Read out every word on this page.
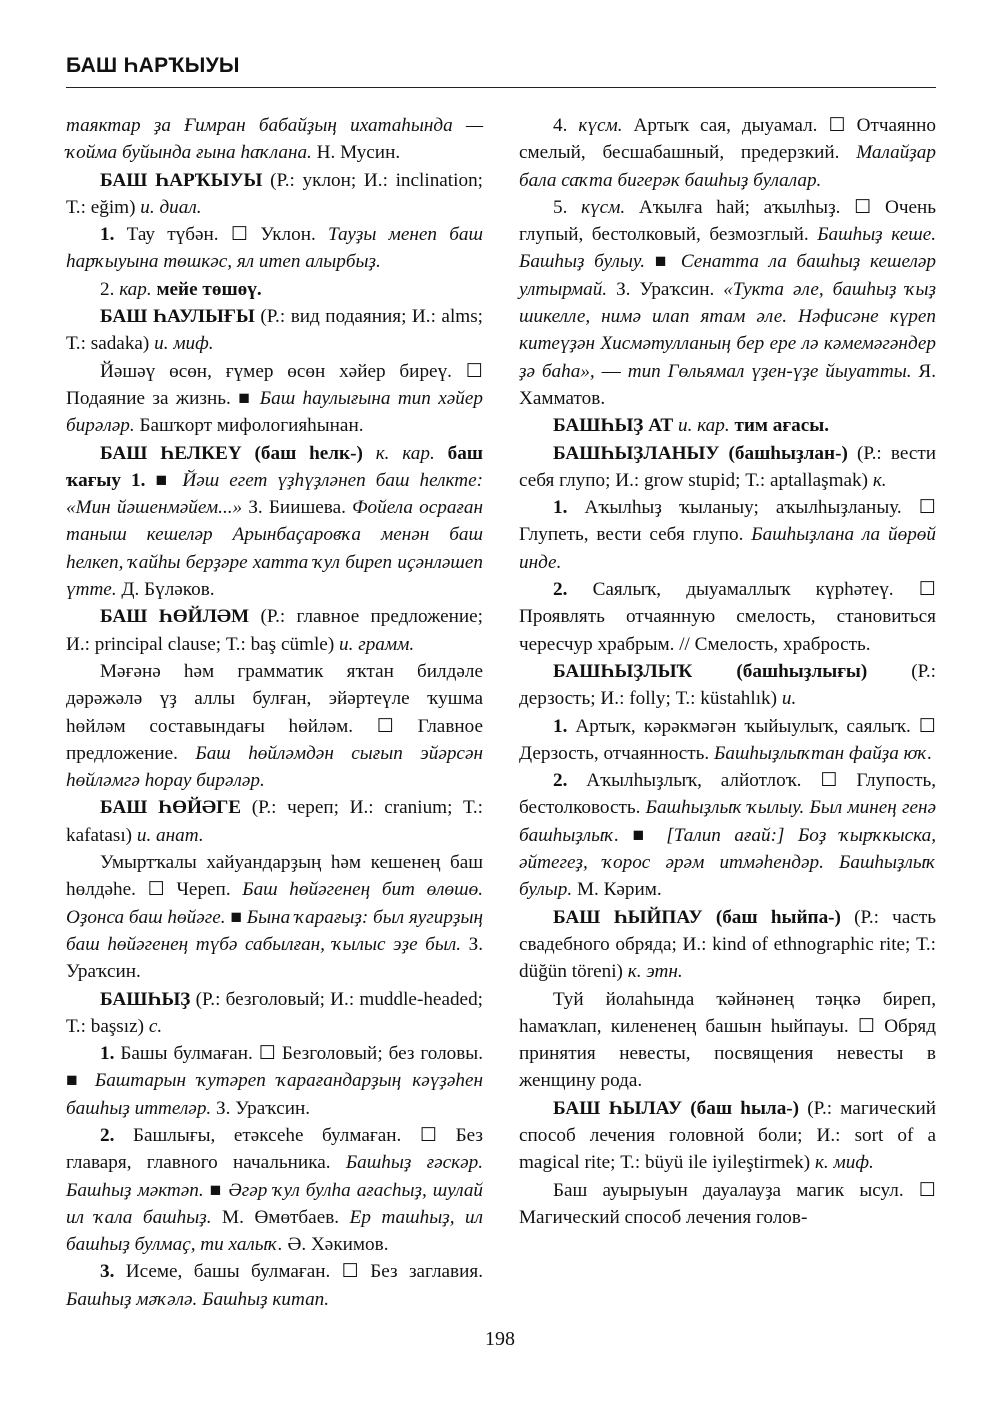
БАШ ҺАРҠЫУЫ

таяктар ҙа Ғимран бабайҙың ихатаһында — ҡойма буйында ғына һаҡлана. Н. Мусин.

БАШ ҺАРҠЫУЫ (Р.: уклон; И.: inclination; Т.: eğim) и. диал.

1. Тау түбән. ☐ Уклон. Тауҙы менеп баш һарҡыуына төшкәс, ял итеп алырбыҙ.

2. кар. мейе төшөү.

БАШ ҺАУЛЫҒЫ (Р.: вид подаяния; И.: alms; Т.: sadaka) и. миф.

Йәшәү өсөн, ғүмер өсөн хәйер биреү. ☐ Подаяние за жизнь. ■ Баш һаулығына тип хәйер бирәләр. Башҡорт мифологияһынан.

БАШ ҺЕЛКЕҮ (баш һелк-) к. кар. баш ҡағыу 1. ■ Йәш егет үҙһүҙләнеп баш һелкте: «Мин йәшенмәйем...» З. Биишева. Фойела осраған таныш кешеләр Арынбаҫаровҡа менән баш һелкеп, ҡайһы берҙәре хатта ҡул биреп иҫәнләшеп үтте. Д. Бүләков.

БАШ ҺӨЙЛӘМ (Р.: главное предложение; И.: principal clause; Т.: baş cümle) и. грамм.

Мәғәнә һәм грамматик яҡтан билдәле дәрәжәлә үҙ аллы булған, эйәртеүле ҡушма һөйләм составындағы һөйләм. ☐ Главное предложение. Баш һөйләмдән сығып эйәрсән һөйләмгә һорау бирәләр.

БАШ ҺӨЙӘГЕ (Р.: череп; И.: cranium; Т.: kafatası) и. анат.

Умыртҡалы хайуандарҙың һәм кешенең баш һөлдәһе. ☐ Череп. Баш һөйәгенең бит өлөшө. Оҙонса баш һөйәге. ■ Бына ҡарағыҙ: был яугирҙың баш һөйәгенең түбә сабылған, ҡылыс эҙе был. З. Ураҡсин.

БАШҺЫҘ (Р.: безголовый; И.: muddle-headed; Т.: başsız) с.

1. Башы булмаған. ☐ Безголовый; без головы. ■ Баштарын ҡутәреп ҡарағандарҙың кәүҙәһен башһыҙ иттеләр. З. Ураҡсин.

2. Башлығы, етәксеһе булмаған. ☐ Без главаря, главного начальника. Башһыҙ ғәскәр. Башһыҙ мәктәп. ■ Әгәр ҡул булһа ағасһыҙ, шулай ил ҡала башһыҙ. М. Өмөтбаев. Ер ташһыҙ, ил башһыҙ булмаҫ, ти халыҡ. Ә. Хәкимов.

3. Исеме, башы булмаған. ☐ Без заглавия. Башһыҙ мәҡәлә. Башһыҙ китап.

4. күсм. Артыҡ сая, дыуамал. ☐ Отчаянно смелый, бесшабашный, предерзкий. Малайҙар бала саҡта бигерәк башһыҙ булалар.

5. күсм. Аҡылға һай; аҡылһыҙ. ☐ Очень глупый, бестолковый, безмозглый. Башһыҙ кеше. Башһыҙ булыу. ■ Сенатта ла башһыҙ кешеләр ултырмай. З. Ураҡсин. «Тукта әле, башһыҙ ҡыҙ шикелле, нимә илап ятам әле. Нәфисәне күреп китеүҙән Хисмәтулланың бер ере лә кәмемәгәндер ҙә баһа», — тип Гөльямал үҙен-үҙе йыуатты. Я. Хамматов.

БАШҺЫҘ АТ и. кар. тим ағасы.

БАШҺЫҘЛАНЫУ (башһыҙлан-) (Р.: вести себя глупо; И.: grow stupid; Т.: aptallaşmak) к.

1. Аҡылһыҙ ҡыланыу; аҡылһыҙланыу. ☐ Глупеть, вести себя глупо. Башһыҙлана ла йөрөй инде.

2. Саялыҡ, дыуамаллыҡ күрһәтеү. ☐ Проявлять отчаянную смелость, становиться чересчур храбрым. // Смелость, храбрость.

БАШҺЫҘЛЫҠ (башһыҙлығы) (Р.: дерзость; И.: folly; Т.: küstahlık) и.

1. Артыҡ, кәрәкмәгән ҡыйыулыҡ, саялыҡ. ☐ Дерзость, отчаянность. Башһыҙлыҡтан файҙа юҡ.

2. Аҡылһыҙлыҡ, алйотлоҡ. ☐ Глупость, бестолковость. Башһыҙлыҡ ҡылыу. Был минең генә башһыҙлыҡ. ■ [Талип ағай:] Боҙ ҡырҡкыска, әйтегеҙ, ҡорос әрәм итмәһендәр. Башһыҙлыҡ булыр. М. Кәрим.

БАШ ҺЫЙПАУ (баш һыйпа-) (Р.: часть свадебного обряда; И.: kind of ethnographic rite; Т.: düğün töreni) к. этн.

Туй йолаһында ҡәйнәнең тәңкә биреп, һамаҡлап, килененең башын һыйпауы. ☐ Обряд принятия невесты, посвящения невесты в женщину рода.

БАШ ҺЫЛАУ (баш һыла-) (Р.: магический способ лечения головной боли; И.: sort of a magical rite; Т.: büyü ile iyileştirmek) к. миф.

Баш ауырыуын дауалауҙа магик ысул. ☐ Магический способ лечения голов-

198
